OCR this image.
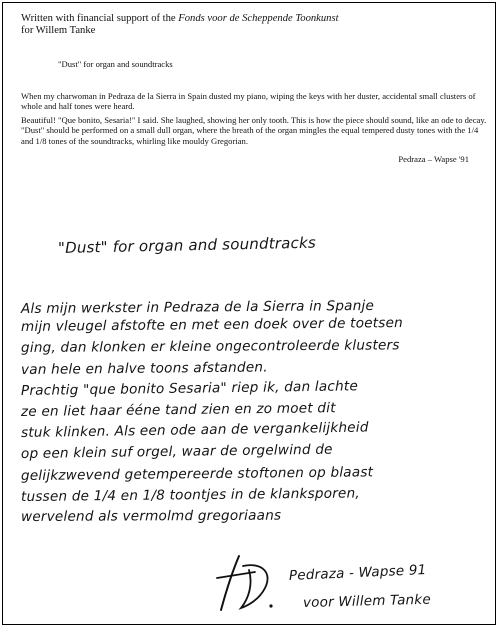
Written with financial support of the Fonds voor de Scheppende Toonkunst
for Willem Tanke
"Dust" for organ and soundtracks
When my charwoman in Pedraza de la Sierra in Spain dusted my piano, wiping the keys with her duster, accidental small clusters of whole and half tones were heard.
Beautiful! "Que bonito, Sesaria!" I said. She laughed, showing her only tooth. This is how the piece should sound, like an ode to decay. "Dust" should be performed on a small dull organ, where the breath of the organ mingles the equal tempered dusty tones with the 1/4 and 1/8 tones of the soundtracks, whirling like mouldy Gregorian.
Pedraza – Wapse '91
"Dust" for organ and soundtracks
Als mijn werkster in Pedraza de la Sierra in Spanje
mijn vleugel afstofte en met een doek over de toetsen
ging, dan klonken er kleine ongecontroleerde klusters
van hele en halve toons afstanden.
Prachtig "que bonito Sesaria" riep ik, dan lachte
ze en liet haar ééne tand zien en zo moet dit
stuk klinken. Als een ode aan de vergankelijkheid
op een klein suf orgel, waar de orgelwind de
gelijkzwevend getempereerde stoftonen op blaast
tussen de 1/4 en 1/8 toontjes in de klanksporen,
wervelend als vermolmd gregoriaans
Pedraza - Wapse 91
voor Willem Tanke
